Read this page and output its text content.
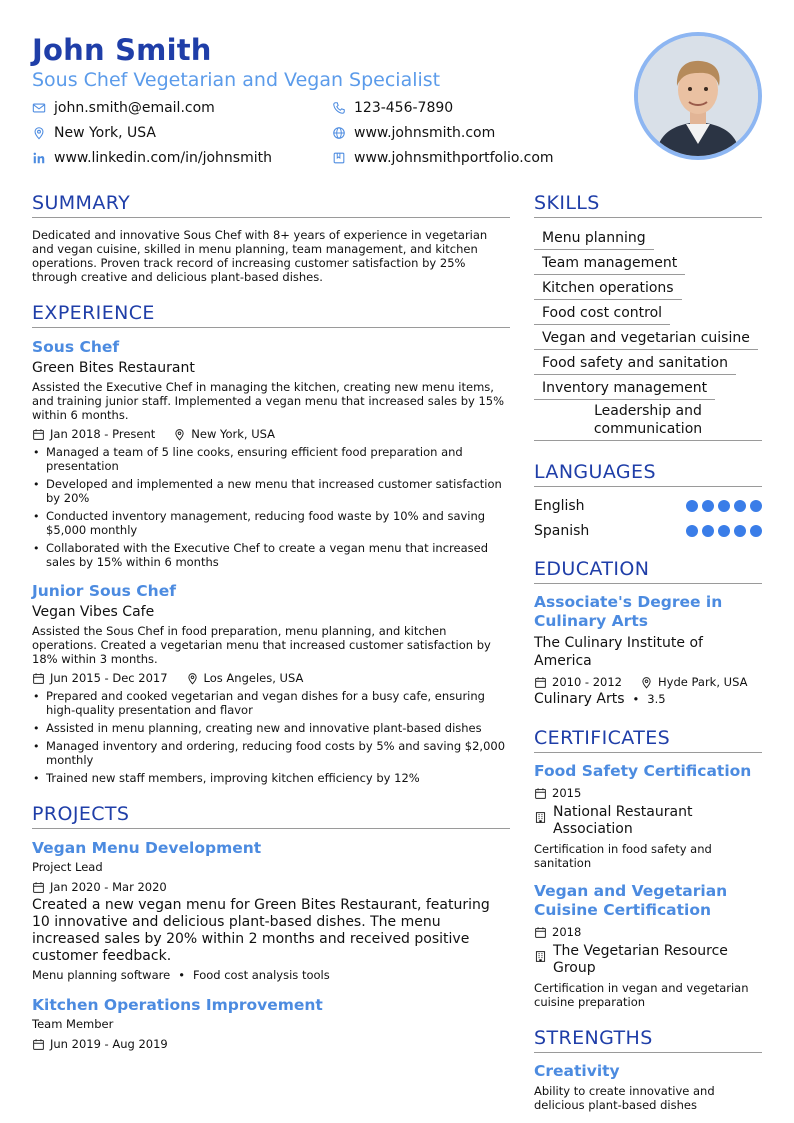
John Smith
Sous Chef Vegetarian and Vegan Specialist
john.smith@email.com	123-456-7890
New York, USA	www.johnsmith.com
www.linkedin.com/in/johnsmith	www.johnsmithportfolio.com
SUMMARY
Dedicated and innovative Sous Chef with 8+ years of experience in vegetarian and vegan cuisine, skilled in menu planning, team management, and kitchen operations. Proven track record of increasing customer satisfaction by 25% through creative and delicious plant-based dishes.
EXPERIENCE
Sous Chef
Green Bites Restaurant
Assisted the Executive Chef in managing the kitchen, creating new menu items, and training junior staff. Implemented a vegan menu that increased sales by 15% within 6 months.
Jan 2018 - Present	New York, USA
• Managed a team of 5 line cooks, ensuring efficient food preparation and presentation
• Developed and implemented a new menu that increased customer satisfaction by 20%
• Conducted inventory management, reducing food waste by 10% and saving $5,000 monthly
• Collaborated with the Executive Chef to create a vegan menu that increased sales by 15% within 6 months
Junior Sous Chef
Vegan Vibes Cafe
Assisted the Sous Chef in food preparation, menu planning, and kitchen operations. Created a vegetarian menu that increased customer satisfaction by 18% within 3 months.
Jun 2015 - Dec 2017	Los Angeles, USA
• Prepared and cooked vegetarian and vegan dishes for a busy cafe, ensuring high-quality presentation and flavor
• Assisted in menu planning, creating new and innovative plant-based dishes
• Managed inventory and ordering, reducing food costs by 5% and saving $2,000 monthly
• Trained new staff members, improving kitchen efficiency by 12%
PROJECTS
Vegan Menu Development
Project Lead
Jan 2020 - Mar 2020
Created a new vegan menu for Green Bites Restaurant, featuring 10 innovative and delicious plant-based dishes. The menu increased sales by 20% within 2 months and received positive customer feedback.
Menu planning software • Food cost analysis tools
Kitchen Operations Improvement
Team Member
Jun 2019 - Aug 2019
SKILLS
Menu planning
Team management
Kitchen operations
Food cost control
Vegan and vegetarian cuisine
Food safety and sanitation
Inventory management
Leadership and communication
LANGUAGES
English
Spanish
EDUCATION
Associate's Degree in Culinary Arts
The Culinary Institute of America
2010 - 2012	Hyde Park, USA
Culinary Arts • 3.5
CERTIFICATES
Food Safety Certification
2015
National Restaurant Association
Certification in food safety and sanitation
Vegan and Vegetarian Cuisine Certification
2018
The Vegetarian Resource Group
Certification in vegan and vegetarian cuisine preparation
STRENGTHS
Creativity
Ability to create innovative and delicious plant-based dishes
